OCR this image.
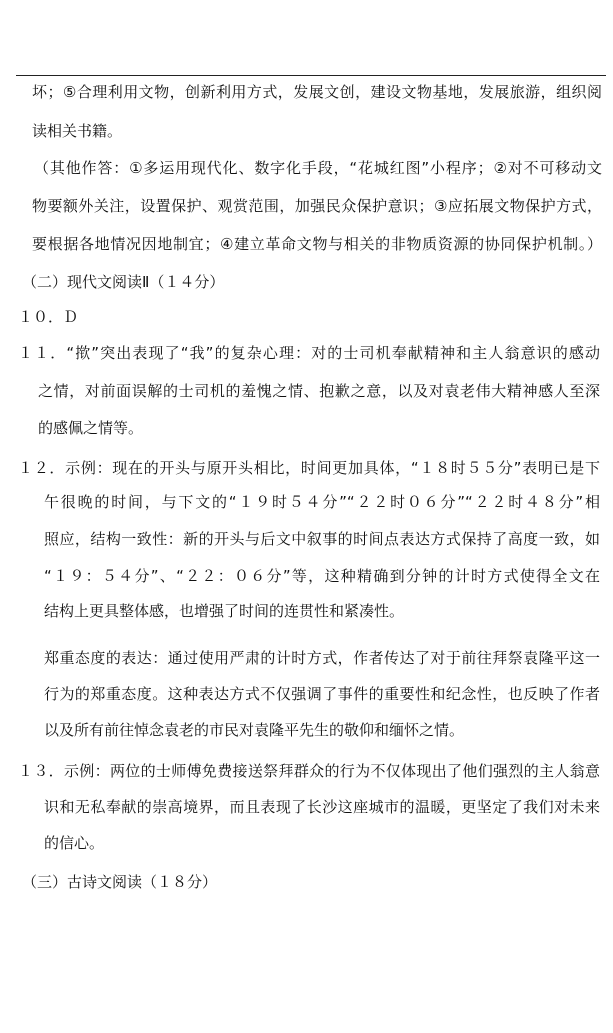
坏；⑤合理利用文物，创新利用方式，发展文创，建设文物基地，发展旅游，组织阅
读相关书籍。
（其他作答：①多运用现代化、数字化手段，“花城红图”小程序；②对不可移动文
物要额外关注，设置保护、观赏范围，加强民众保护意识；③应拓展文物保护方式，
要根据各地情况因地制宜；④建立革命文物与相关的非物质资源的协同保护机制。）
（二）现代文阅读Ⅱ（１４分）
１０．Ｄ
１１．“揿”突出表现了“我”的复杂心理：对的士司机奉献精神和主人翁意识的感动
之情，对前面误解的士司机的羞愧之情、抱歉之意，以及对袁老伟大精神感人至深
的感佩之情等。
１２．示例：现在的开头与原开头相比，时间更加具体，“１８时５５分”表明已是下
午很晚的时间，与下文的“１９时５４分”“２２时０６分”“２２时４８分”相
照应，结构一致性：新的开头与后文中叙事的时间点表达方式保持了高度一致，如
“１９：５４分”、“２２：０６分”等，这种精确到分钟的计时方式使得全文在
结构上更具整体感，也增强了时间的连贯性和紧凑性。
郑重态度的表达：通过使用严肃的计时方式，作者传达了对于前往拜祭袁隆平这一
行为的郑重态度。这种表达方式不仅强调了事件的重要性和纪念性，也反映了作者
以及所有前往悼念袁老的市民对袁隆平先生的敬仰和缅怀之情。
１３．示例：两位的士师傅免费接送祭拜群众的行为不仅体现出了他们强烈的主人翁意
识和无私奉献的崇高境界，而且表现了长沙这座城市的温暖，更坚定了我们对未来
的信心。
（三）古诗文阅读（１８分）
